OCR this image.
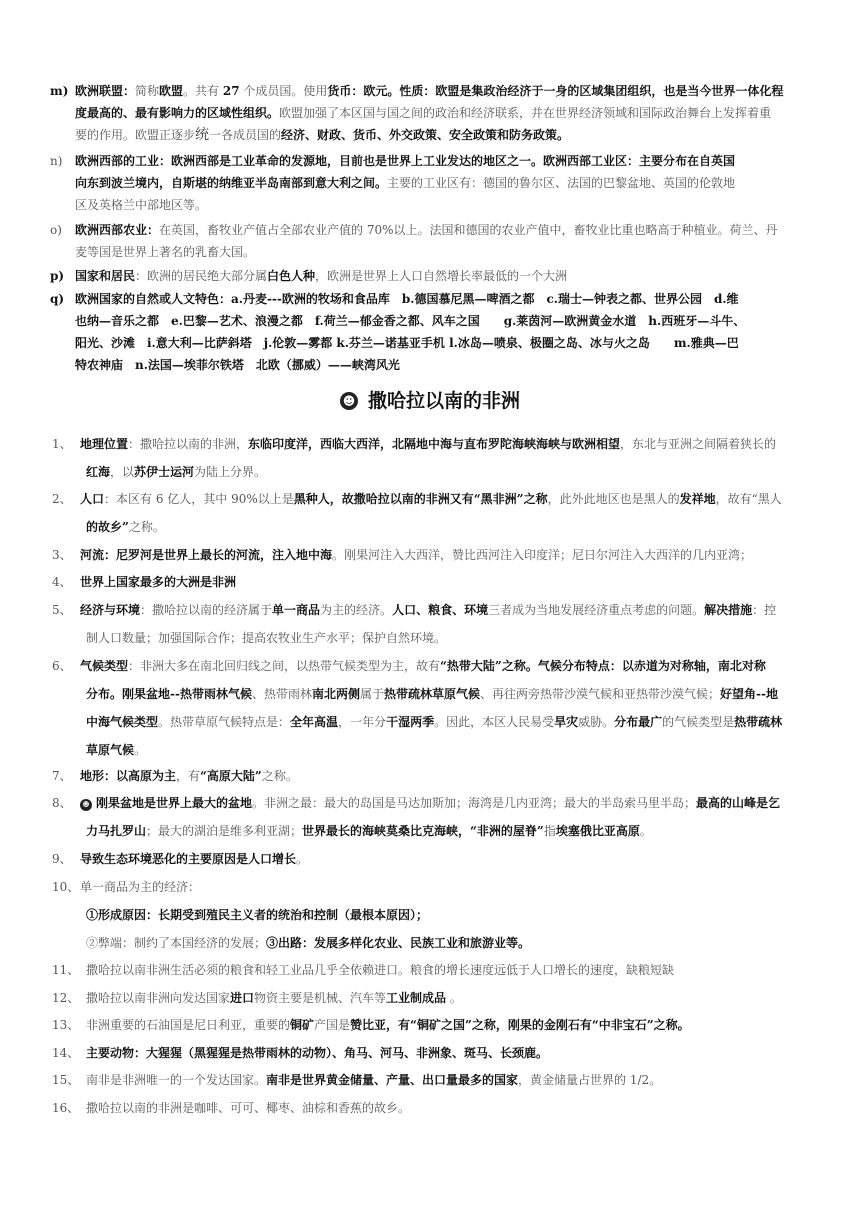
m) 欧洲联盟：简称欧盟。共有 27 个成员国。使用货币：欧元。性质：欧盟是集政治经济于一身的区域集团组织，也是当今世界一体化程
度最高的、最有影响力的区域性组织。欧盟加强了本区国与国之间的政治和经济联系，并在世界经济领域和国际政治舞台上发挥着重
要的作用。欧盟正逐步统一各成员国的经济、财政、货币、外交政策、安全政策和防务政策。
n)	欧洲西部的工业：欧洲西部是工业革命的发源地，目前也是世界上工业发达的地区之一。欧洲西部工业区：主要分布在自英国
向东到波兰境内，自斯堪的纳维亚半岛南部到意大利之间。主要的工业区有：德国的鲁尔区、法国的巴黎盆地、英国的伦敦地
区及英格兰中部地区等。
o)	欧洲西部农业：在英国，畜牧业产值占全部农业产值的 70%以上。法国和德国的农业产值中，畜牧业比重也略高于种植业。荷兰、丹
麦等国是世界上著名的乳畜大国。
p) 国家和居民：欧洲的居民绝大部分属白色人种，欧洲是世界上人口自然增长率最低的一个大洲
q) 欧洲国家的自然或人文特色：a.丹麦---欧洲的牧场和食品库　b.德国慕尼黑—啤酒之都　c.瑞士—钟表之都、世界公园　d.维
也纳—音乐之都　e.巴黎—艺术、浪漫之都　f.荷兰—郁金香之都、风车之国　　g.莱茵河—欧洲黄金水道　h.西班牙—斗牛、
阳光、沙滩　i.意大利—比萨斜塔　j.伦敦—雾都 k.芬兰—诺基亚手机 l.冰岛—喷泉、极圈之岛、冰与火之岛　　m.雅典—巴
特农神庙　n.法国—埃菲尔铁塔　北欧（挪威）——峡湾风光
☻ 撒哈拉以南的非洲
1、 地理位置：撒哈拉以南的非洲，东临印度洋，西临大西洋，北隔地中海与直布罗陀海峡海峡与欧洲相望，东北与亚洲之间隔着狭长的
红海，以苏伊士运河为陆上分界。
2、 人口：本区有 6 亿人，其中 90%以上是黑种人，故撒哈拉以南的非洲又有“黑非洲”之称，此外此地区也是黑人的发祥地，故有“黑人
的故乡”之称。
3、 河流：尼罗河是世界上最长的河流，注入地中海。刚果河注入大西洋，赞比西河注入印度洋；尼日尔河注入大西洋的几内亚湾；
4、 世界上国家最多的大洲是非洲
5、 经济与环境：撒哈拉以南的经济属于单一商品为主的经济。人口、粮食、环境三者成为当地发展经济重点考虑的问题。解决措施：控
制人口数量；加强国际合作；提高农牧业生产水平；保护自然环境。
6、 气候类型：非洲大多在南北回归线之间，以热带气候类型为主，故有“热带大陆”之称。气候分布特点：以赤道为对称轴，南北对称
分布。刚果盆地--热带雨林气候、热带雨林南北两侧属于热带疏林草原气候、再往两旁热带沙漠气候和亚热带沙漠气候；好望角--地
中海气候类型。热带草原气候特点是：全年高温，一年分干湿两季。因此，本区人民易受旱灾威胁。分布最广的气候类型是热带疏林
草原气候。
7、 地形：以高原为主，有“高原大陆”之称。
8、	☻ 刚果盆地是世界上最大的盆地。非洲之最：最大的岛国是马达加斯加；海湾是几内亚湾；最大的半岛索马里半岛；最高的山峰是乞
力马扎罗山；最大的湖泊是维多利亚湖；世界最长的海峡莫桑比克海峡，“非洲的屋脊”指埃塞俄比亚高原。
9、 导致生态环境恶化的主要原因是人口增长。
10、 单一商品为主的经济：
①形成原因：长期受到殖民主义者的统治和控制（最根本原因）；
②弊端：制约了本国经济的发展；③出路：发展多样化农业、民族工业和旅游业等。
11、 撒哈拉以南非洲生活必须的粮食和轻工业品几乎全依赖进口。粮食的增长速度远低于人口增长的速度，缺粮短缺
12、 撒哈拉以南非洲向发达国家进口物资主要是机械、汽车等工业制成品 。
13、 非洲重要的石油国是尼日利亚，重要的铜矿产国是赞比亚，有“铜矿之国”之称，刚果的金刚石有“中非宝石”之称。
14、 主要动物：大猩猩（黑猩猩是热带雨林的动物）、角马、河马、非洲象、斑马、长颈鹿。
15、 南非是非洲唯一的一个发达国家。南非是世界黄金储量、产量、出口量最多的国家，黄金储量占世界的 1/2。
16、 撒哈拉以南的非洲是咖啡、可可、椰枣、油棕和香蕉的故乡。
